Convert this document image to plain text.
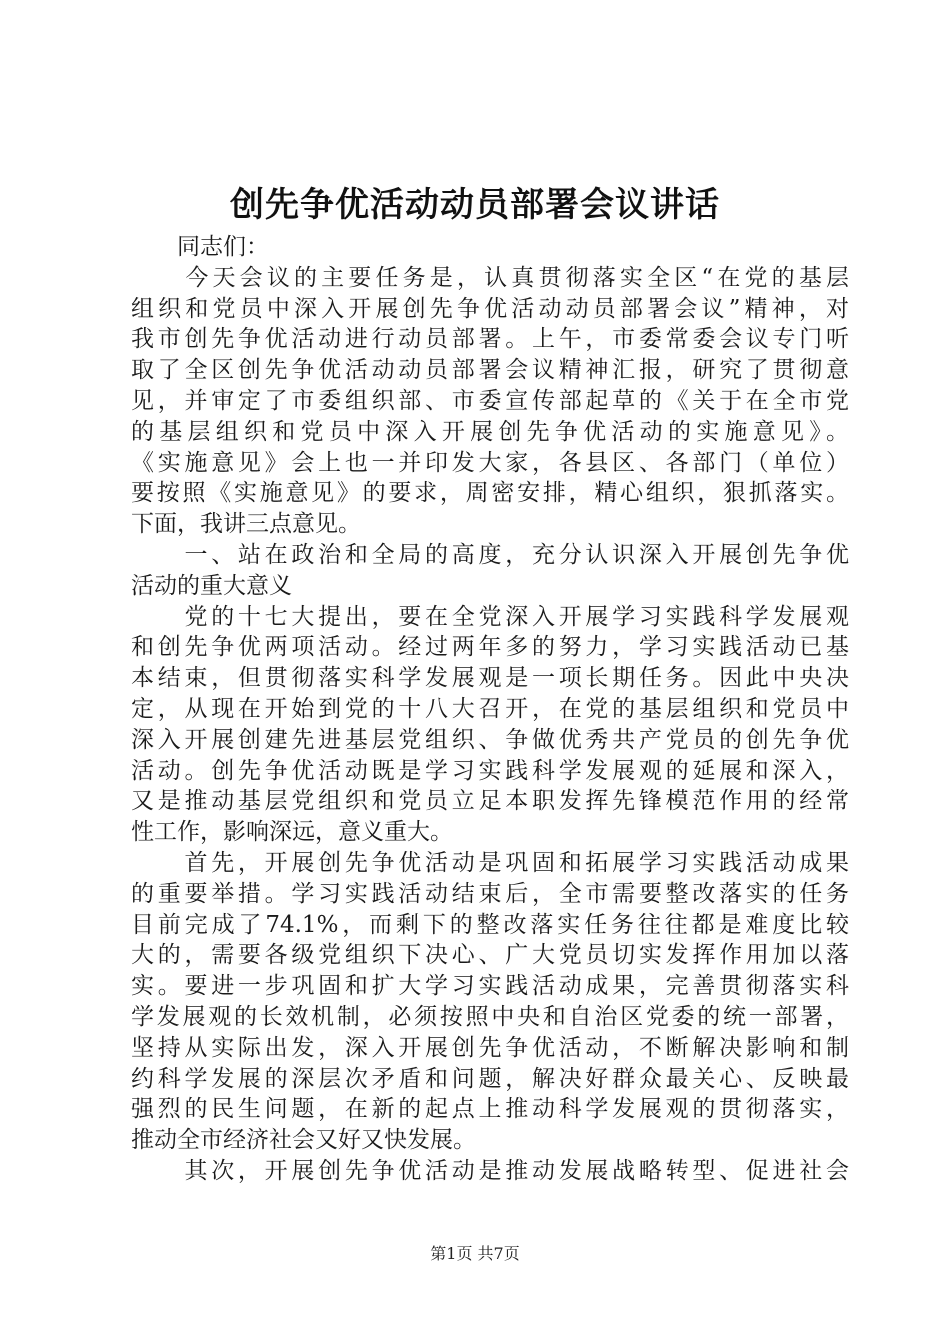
创先争优活动动员部署会议讲话
　　同志们：
　　今天会议的主要任务是，认真贯彻落实全区“在党的基层
组织和党员中深入开展创先争优活动动员部署会议”精神，对
我市创先争优活动进行动员部署。上午，市委常委会议专门听
取了全区创先争优活动动员部署会议精神汇报，研究了贯彻意
见，并审定了市委组织部、市委宣传部起草的《关于在全市党
的基层组织和党员中深入开展创先争优活动的实施意见》。
《实施意见》会上也一并印发大家，各县区、各部门（单位）
要按照《实施意见》的要求，周密安排，精心组织，狠抓落实。
下面，我讲三点意见。
　　一、站在政治和全局的高度，充分认识深入开展创先争优
活动的重大意义
　　党的十七大提出，要在全党深入开展学习实践科学发展观
和创先争优两项活动。经过两年多的努力，学习实践活动已基
本结束，但贯彻落实科学发展观是一项长期任务。因此中央决
定，从现在开始到党的十八大召开，在党的基层组织和党员中
深入开展创建先进基层党组织、争做优秀共产党员的创先争优
活动。创先争优活动既是学习实践科学发展观的延展和深入，
又是推动基层党组织和党员立足本职发挥先锋模范作用的经常
性工作，影响深远，意义重大。
　　首先，开展创先争优活动是巩固和拓展学习实践活动成果
的重要举措。学习实践活动结束后，全市需要整改落实的任务
目前完成了74.1%，而剩下的整改落实任务往往都是难度比较
大的，需要各级党组织下决心、广大党员切实发挥作用加以落
实。要进一步巩固和扩大学习实践活动成果，完善贯彻落实科
学发展观的长效机制，必须按照中央和自治区党委的统一部署，
坚持从实际出发，深入开展创先争优活动，不断解决影响和制
约科学发展的深层次矛盾和问题，解决好群众最关心、反映最
强烈的民生问题，在新的起点上推动科学发展观的贯彻落实，
推动全市经济社会又好又快发展。
　　其次，开展创先争优活动是推动发展战略转型、促进社会
第1页 共7页
